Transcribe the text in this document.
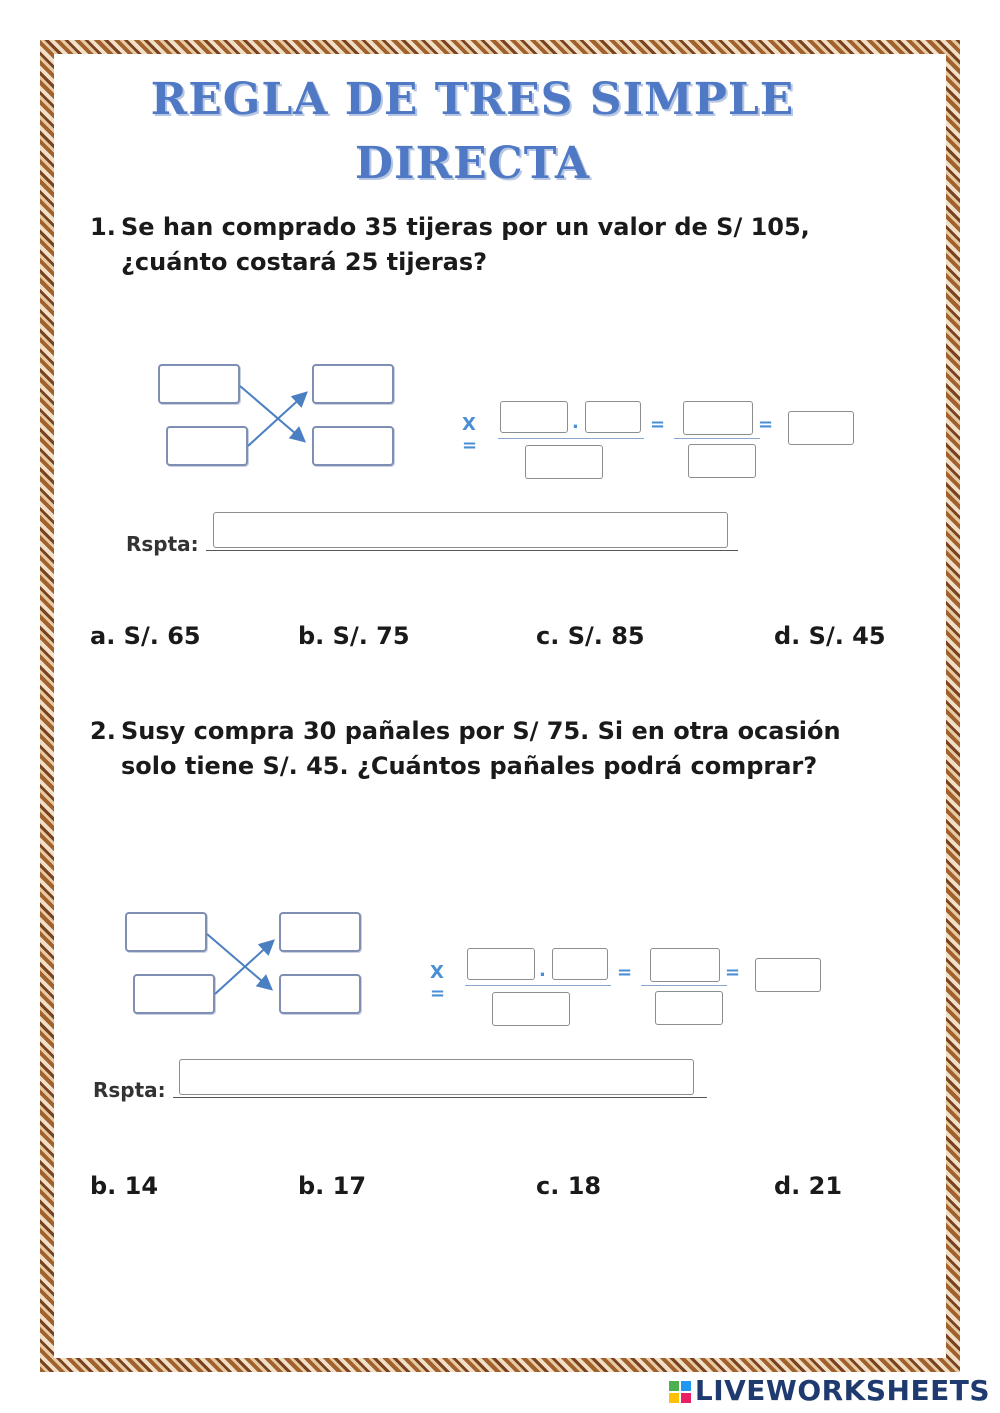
REGLA DE TRES SIMPLE
DIRECTA
1. Se han comprado 35 tijeras por un valor de S/ 105, ¿cuánto costará 25 tijeras?
X =
.	=	=
Rspta:
a. S/. 65	b. S/. 75	c. S/. 85	d. S/. 45
2. Susy compra 30 pañales por S/ 75. Si en otra ocasión solo tiene S/. 45. ¿Cuántos pañales podrá comprar?
X =
.	=	=
Rspta:
b. 14	b. 17	c. 18	d. 21
LIVEWORKSHEETS
